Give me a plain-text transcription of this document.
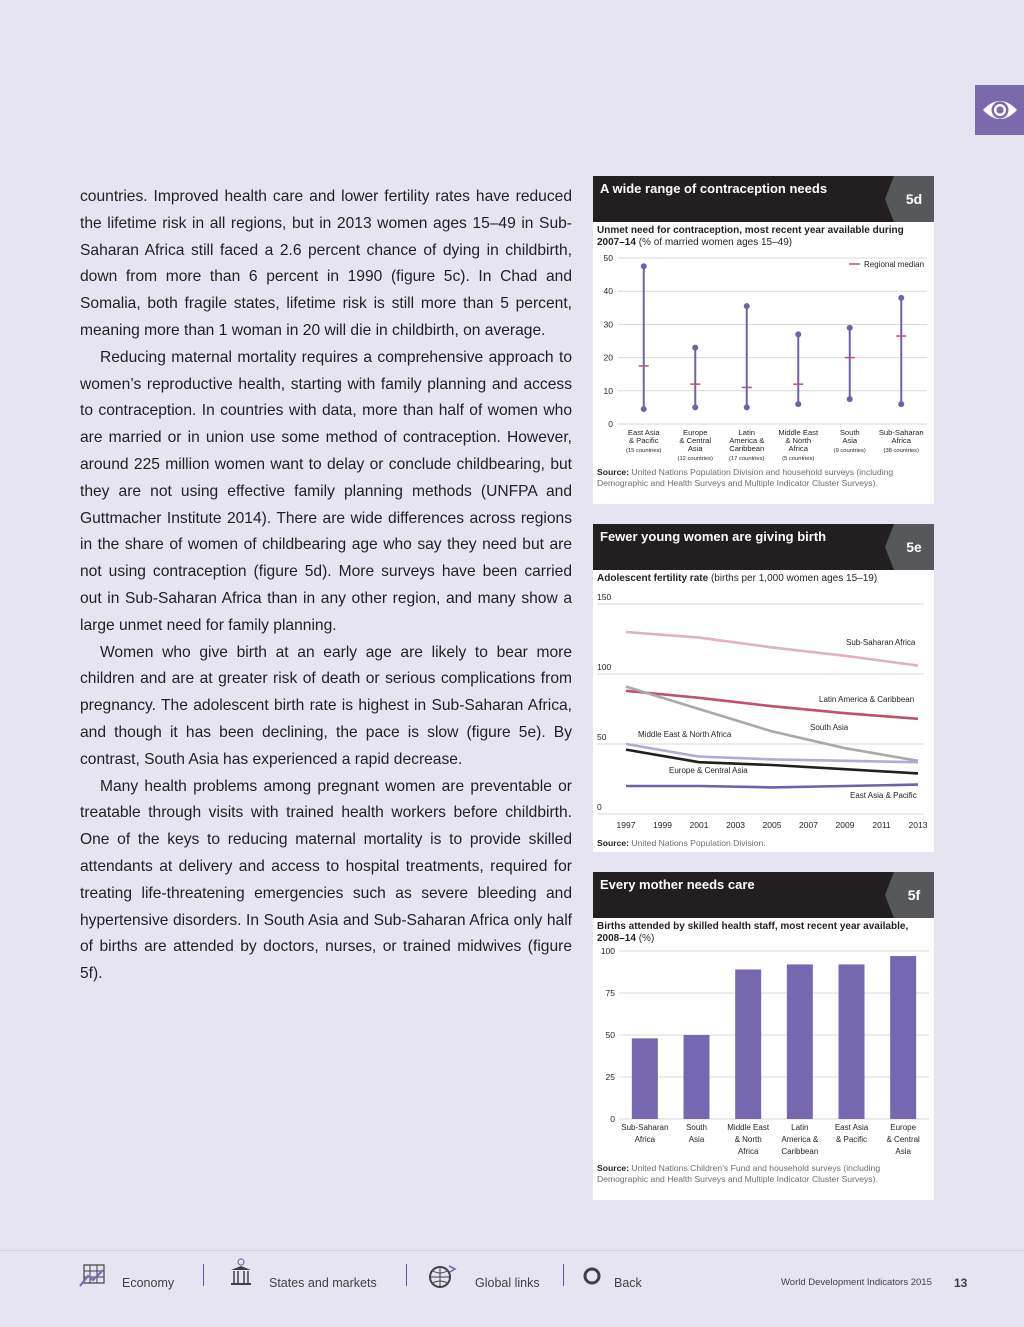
countries. Improved health care and lower fertility rates have reduced the lifetime risk in all regions, but in 2013 women ages 15–49 in Sub-Saharan Africa still faced a 2.6 percent chance of dying in childbirth, down from more than 6 percent in 1990 (figure 5c). In Chad and Somalia, both fragile states, lifetime risk is still more than 5 percent, meaning more than 1 woman in 20 will die in childbirth, on average.

Reducing maternal mortality requires a comprehensive approach to women’s reproductive health, starting with family planning and access to contraception. In countries with data, more than half of women who are married or in union use some method of contraception. However, around 225 million women want to delay or conclude childbearing, but they are not using effective family planning methods (UNFPA and Guttmacher Institute 2014). There are wide differences across regions in the share of women of childbearing age who say they need but are not using contraception (figure 5d). More surveys have been carried out in Sub-Saharan Africa than in any other region, and many show a large unmet need for family planning.

Women who give birth at an early age are likely to bear more children and are at greater risk of death or serious complications from pregnancy. The adolescent birth rate is highest in Sub-Saharan Africa, and though it has been declining, the pace is slow (figure 5e). By contrast, South Asia has experienced a rapid decrease.

Many health problems among pregnant women are preventable or treatable through visits with trained health workers before childbirth. One of the keys to reducing maternal mortality is to provide skilled attendants at delivery and access to hospital treatments, required for treating life-threatening emergencies such as severe bleeding and hypertensive disorders. In South Asia and Sub-Saharan Africa only half of births are attended by doctors, nurses, or trained midwives (figure 5f).

A wide range of contraception needs
5d
Unmet need for contraception, most recent year available during 2007–14 (% of married women ages 15–49)
0
10
20
30
40
50
Regional median
East Asia
& Pacific
(15 countries)
Europe
& Central
Asia
(12 countries)
Latin
America &
Caribbean
(17 countries)
Middle East
& North
Africa
(5 countries)
South
Asia
(9 countries)
Sub-Saharan
Africa
(38 countries)
Source: United Nations Population Division and household surveys (including Demographic and Health Surveys and Multiple Indicator Cluster Surveys).
Fewer young women are giving birth
5e
Adolescent fertility rate (births per 1,000 women ages 15–19)
0
50
100
150
1997 1999 2001 2003 2005 2007 2009 2011 2013
Sub-Saharan Africa
Latin America & Caribbean
South Asia
Middle East & North Africa
Europe & Central Asia
East Asia & Pacific
Source: United Nations Population Division.
Every mother needs care
5f
Births attended by skilled health staff, most recent year available, 2008–14 (%)
0
25
50
75
100
Sub-Saharan
Africa
South
Asia
Middle East
& North
Africa
Latin
America &
Caribbean
East Asia
& Pacific
Europe
& Central
Asia
Source: United Nations Children’s Fund and household surveys (including Demographic and Health Surveys and Multiple Indicator Cluster Surveys).
Economy	States and markets	Global links	Back	World Development Indicators 2015 13
